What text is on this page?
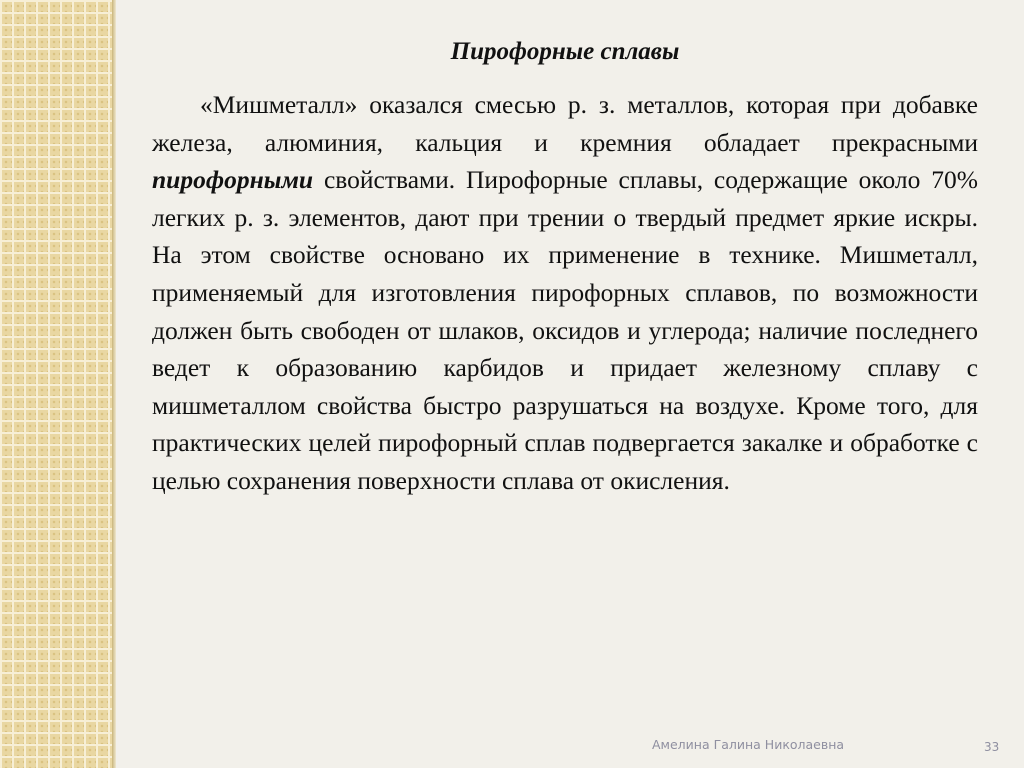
Пирофорные сплавы

«Мишметалл» оказался смесью р. з. металлов, которая при добавке железа, алюминия, кальция и кремния обладает прекрасными пирофорными свойствами. Пирофорные сплавы, содержащие около 70% легких р. з. элементов, дают при трении о твердый предмет яркие искры. На этом свойстве основано их применение в технике. Мишметалл, применяемый для изготовления пирофорных сплавов, по возможности должен быть свободен от шлаков, оксидов и углерода; наличие последнего ведет к образованию карбидов и придает железному сплаву с мишметаллом свойства быстро разрушаться на воздухе. Кроме того, для практических целей пирофорный сплав подвергается закалке и обработке с целью сохранения поверхности сплава от окисления.

Амелина Галина Николаевна	33
